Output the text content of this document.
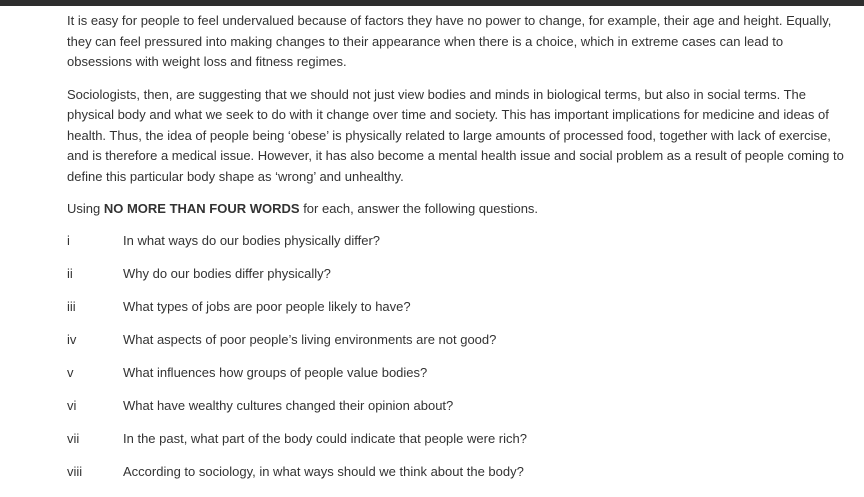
It is easy for people to feel undervalued because of factors they have no power to change, for example, their age and height. Equally, they can feel pressured into making changes to their appearance when there is a choice, which in extreme cases can lead to obsessions with weight loss and fitness regimes.

Sociologists, then, are suggesting that we should not just view bodies and minds in biological terms, but also in social terms. The physical body and what we seek to do with it change over time and society. This has important implications for medicine and ideas of health. Thus, the idea of people being ‘obese’ is physically related to large amounts of processed food, together with lack of exercise, and is therefore a medical issue. However, it has also become a mental health issue and social problem as a result of people coming to define this particular body shape as ‘wrong’ and unhealthy.

Using NO MORE THAN FOUR WORDS for each, answer the following questions.

i	In what ways do our bodies physically differ?
ii	Why do our bodies differ physically?
iii	What types of jobs are poor people likely to have?
iv	What aspects of poor people’s living environments are not good?
v	What influences how groups of people value bodies?
vi	What have wealthy cultures changed their opinion about?
vii	In the past, what part of the body could indicate that people were rich?
viii	According to sociology, in what ways should we think about the body?
